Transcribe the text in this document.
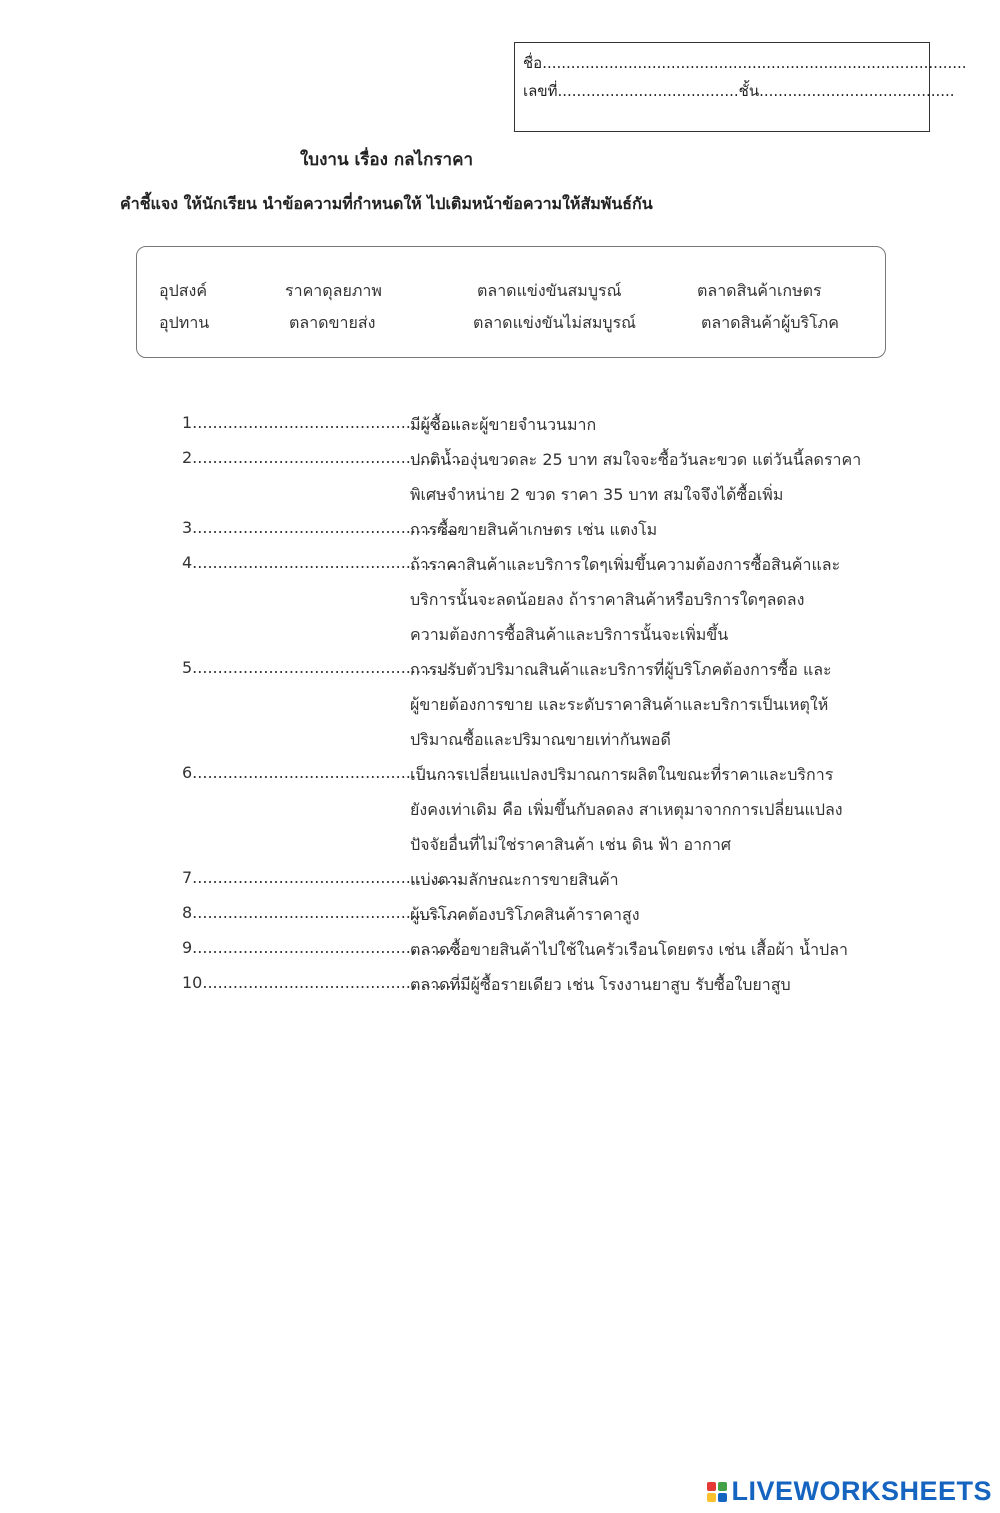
ชื่อ.........................................................................................
เลขที่......................................ชั้น.........................................
ใบงาน เรื่อง กลไกราคา
คำชี้แจง ให้นักเรียน นำข้อความที่กำหนดให้ ไปเติมหน้าข้อความให้สัมพันธ์กัน
อุปสงค์	ราคาดุลยภาพ	ตลาดแข่งขันสมบูรณ์	ตลาดสินค้าเกษตร
อุปทาน	ตลาดขายส่ง	ตลาดแข่งขันไม่สมบูรณ์	ตลาดสินค้าผู้บริโภค
1.....................................................
มีผู้ซื้อและผู้ขายจำนวนมาก
2.....................................................
ปกติน้ำองุ่นขวดละ 25 บาท สมใจจะซื้อวันละขวด แต่วันนี้ลดราคา
พิเศษจำหน่าย 2 ขวด ราคา 35 บาท สมใจจึงได้ซื้อเพิ่ม
3.....................................................
การซื้อขายสินค้าเกษตร เช่น แตงโม
4.....................................................
ถ้าราคาสินค้าและบริการใดๆเพิ่มขึ้นความต้องการซื้อสินค้าและ
บริการนั้นจะลดน้อยลง ถ้าราคาสินค้าหรือบริการใดๆลดลง
ความต้องการซื้อสินค้าและบริการนั้นจะเพิ่มขึ้น
5.....................................................
การปรับตัวปริมาณสินค้าและบริการที่ผู้บริโภคต้องการซื้อ และ
ผู้ขายต้องการขาย และระดับราคาสินค้าและบริการเป็นเหตุให้
ปริมาณซื้อและปริมาณขายเท่ากันพอดี
6.....................................................
เป็นการเปลี่ยนแปลงปริมาณการผลิตในขณะที่ราคาและบริการ
ยังคงเท่าเดิม คือ เพิ่มขึ้นกับลดลง สาเหตุมาจากการเปลี่ยนแปลง
ปัจจัยอื่นที่ไม่ใช่ราคาสินค้า เช่น ดิน ฟ้า อากาศ
7.....................................................
แบ่งตามลักษณะการขายสินค้า
8.....................................................
ผู้บริโภคต้องบริโภคสินค้าราคาสูง
9.....................................................
ตลาดซื้อขายสินค้าไปใช้ในครัวเรือนโดยตรง เช่น เสื้อผ้า น้ำปลา
10...................................................
ตลาดที่มีผู้ซื้อรายเดียว เช่น โรงงานยาสูบ รับซื้อใบยาสูบ
LIVEWORKSHEETS
